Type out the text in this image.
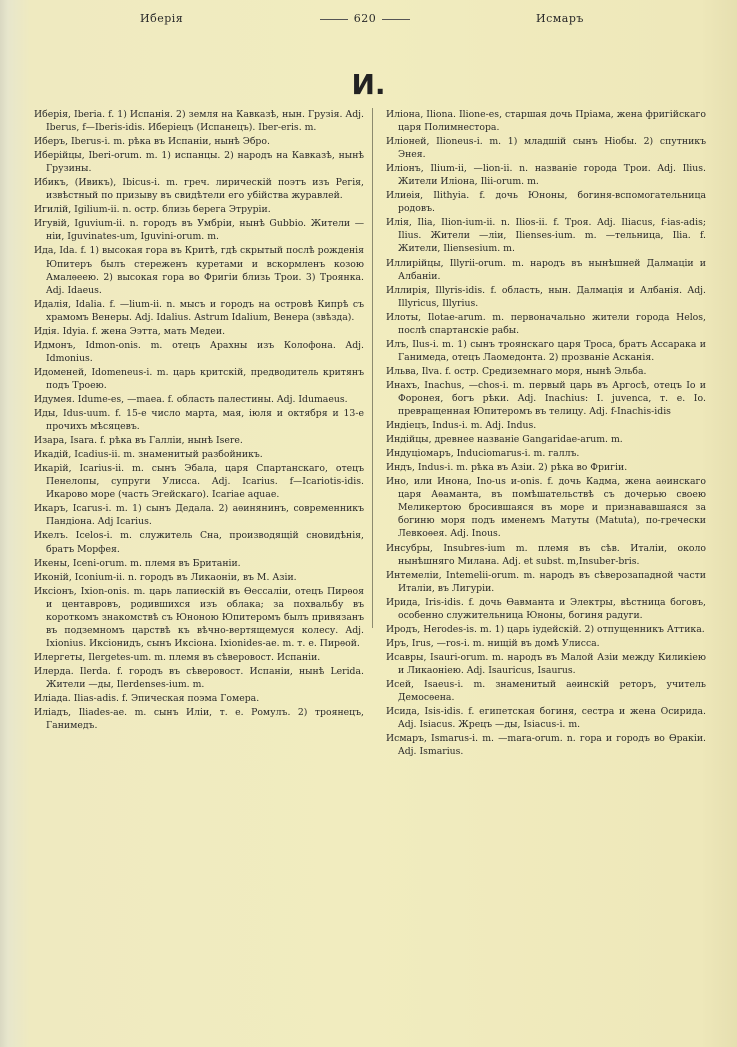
Иберія	620	Исмаръ
И.

Иберія, Iberia. f. 1) Испанія. 2) земля на Кавказѣ, нын. Грузія. Adj. Iberus, f—Iberis-idis. Иберіецъ (Испанецъ). Iber-eris. m.

Иберъ, Iberus-i. m. рѣка въ Испаніи, нынѣ Эбро.

Иберійцы, Iberi-orum. m. 1) испанцы. 2) народъ на Кавказѣ, нынѣ Грузины.

Ибикъ, (Ивикъ), Ibicus-i. m. греч. лирическій поэтъ изъ Регія, извѣстный по призыву въ свидѣтели его убійства журавлей.

Игилій, Igilium-ii. n. остр. близь берега Этруріи.

Игувій, Iguvium-ii. n. городъ въ Умбріи, нынѣ Gubbio. Жители —ніи, Iguvinates-um, Iguvini-orum. m.

Ида, Ida. f. 1) высокая гора въ Критѣ, гдѣ скрытый послѣ рожденія Юпитеръ былъ стереженъ куретами и вскормленъ козою Амалѳеею. 2) высокая гора во Фригіи близь Трои. 3) Троянка. Adj. Idaeus.

Идалія, Idalia. f. —lium-ii. n. мысъ и городъ на островѣ Кипрѣ съ храмомъ Венеры. Adj. Idalius. Astrum Idalium, Венера (звѣзда).

Идія. Idyia. f. жена Ээтта, мать Медеи.

Идмонъ, Idmon-onis. m. отецъ Арахны изъ Колофона. Adj. Idmonius.

Идоменей, Idomeneus-i. m. царь критскій, предводитель критянъ подъ Троею.

Идумея. Idume-es, —maea. f. область палестины. Adj. Idumaeus.

Иды, Idus-uum. f. 15-е число марта, мая, іюля и октября и 13-е прочихъ мѣсяцевъ.

Изара, Isara. f. рѣка въ Галліи, нынѣ Isere.

Икадій, Icadius-ii. m. знаменитый разбойникъ.

Икарій, Icarius-ii. m. сынъ Эбала, царя Спартанскаго, отецъ Пенелопы, супруги Улисса. Adj. Icarius. f—Icariotis-idis. Икарово море (часть Эгейскаго). Icariae aquae.

Икаръ, Icarus-i. m. 1) сынъ Дедала. 2) аѳинянинъ, современникъ Пандіона. Adj Icarius.

Икелъ. Icelos-i. m. служитель Сна, производящій сновидѣнія, братъ Морфея.

Икены, Iceni-orum. m. племя въ Британіи.

Иконій, Iconium-ii. n. городъ въ Ликаоніи, въ М. Азіи.

Иксіонъ, Ixion-onis. m. царь лапиѳскій въ Ѳессаліи, отецъ Пирѳоя и центавровъ, родившихся изъ облака; за похвальбу въ короткомъ знакомствѣ съ Юноною Юпитеромъ былъ привязанъ въ подземномъ царствѣ къ вѣчно-вертящемуся колесу. Adj. Ixionius. Иксіонидъ, сынъ Иксіона. Ixionides-ae. m. т. е. Пирѳой.

Илергеты, Ilergetes-um. m. племя въ сѣверовост. Испаніи.

Илерда. Ilerda. f. городъ въ сѣверовост. Испаніи, нынѣ Lerida. Жители —ды, Ilerdenses-ium. m.

Иліада. Ilias-adis. f. Эпическая поэма Гомера.

Иліадъ, Iliades-ae. m. сынъ Иліи, т. е. Ромулъ. 2) троянецъ, Ганимедъ.

Иліона, Iliona. Ilione-es, старшая дочь Пріама, жена фригійскаго царя Полимнестора.

Иліоней, Ilioneus-i. m. 1) младшій сынъ Ніобы. 2) спутникъ Энея.

Иліонъ, Ilium-ii, —lion-ii. n. названіе города Трои. Adj. Ilius. Жители Иліона, Ilii-orum. m.

Илиѳія, Ilithyia. f. дочь Юноны, богиня-вспомогательница родовъ.

Илія, Ilia, Ilion-ium-ii. n. Ilios-ii. f. Троя. Adj. Iliacus, f-ias-adis; Ilius. Жители —ліи, Ilienses-ium. m. —тельница, Ilia. f. Жители, Iliensesium. m.

Иллирійцы, Illyrii-orum. m. народъ въ нынѣшней Далмаціи и Албаніи.

Иллирія, Illyris-idis. f. область, нын. Далмація и Албанія. Adj. Illyricus, Illyrius.

Илоты, Ilotae-arum. m. первоначально жители города Helos, послѣ спартанскіе рабы.

Илъ, Ilus-i. m. 1) сынъ троянскаго царя Троса, братъ Ассарака и Ганимеда, отецъ Лаомедонта. 2) прозваніе Асканія.

Ильва, Ilva. f. остр. Средиземнаго моря, нынѣ Эльба.

Инахъ, Inachus, —chos-i. m. первый царь въ Аргосѣ, отецъ Іо и Форонея, богъ рѣки. Adj. Inachius: I. juvenca, т. е. Іо. превращенная Юпитеромъ въ телицу. Adj. f-Inachis-idis

Индіецъ, Indus-i. m. Adj. Indus.

Индійцы, древнее названіе Gangaridae-arum. m.

Индуціомаръ, Induciomarus-i. m. галлъ.

Индъ, Indus-i. m. рѣка въ Азіи. 2) рѣка во Фригіи.

Ино, или Инона, Ino-us и-onis. f. дочь Кадма, жена аѳинскаго царя Аѳаманта, въ помѣшательствѣ съ дочерью своею Меликертою бросившаяся въ море и признававшаяся за богиню моря подъ именемъ Матуты (Matuta), по-гречески Левкоѳея. Adj. Inous.

Инсубры, Insubres-ium m. племя въ сѣв. Италіи, около нынѣшняго Милана. Adj. et subst. m,Insuber-bris.

Интемеліи, Intemelii-orum. m. народъ въ сѣверозападной части Италіи, въ Лигуріи.

Ирида, Iris-idis. f. дочь Ѳавманта и Электры, вѣстница боговъ, особенно служительница Юноны, богиня радуги.

Иродъ, Herodes-is. m. 1) царь іудейскій. 2) отпущенникъ Аттика.

Иръ, Irus, —ros-i. m. нищій въ домѣ Улисса.

Исавры, Isauri-orum. m. народъ въ Малой Азіи между Киликіею и Ликаоніею. Adj. Isauricus, Isaurus.

Исей, Isaeus-i. m. знаменитый аѳинскій реторъ, учитель Демосѳена.

Исида, Isis-idis. f. египетская богиня, сестра и жена Осирида. Adj. Isiacus. Жрецъ —ды, Isiacus-i. m.

Исмаръ, Ismarus-i. m. —mara-orum. n. гора и городъ во Ѳракіи. Adj. Ismarius.
